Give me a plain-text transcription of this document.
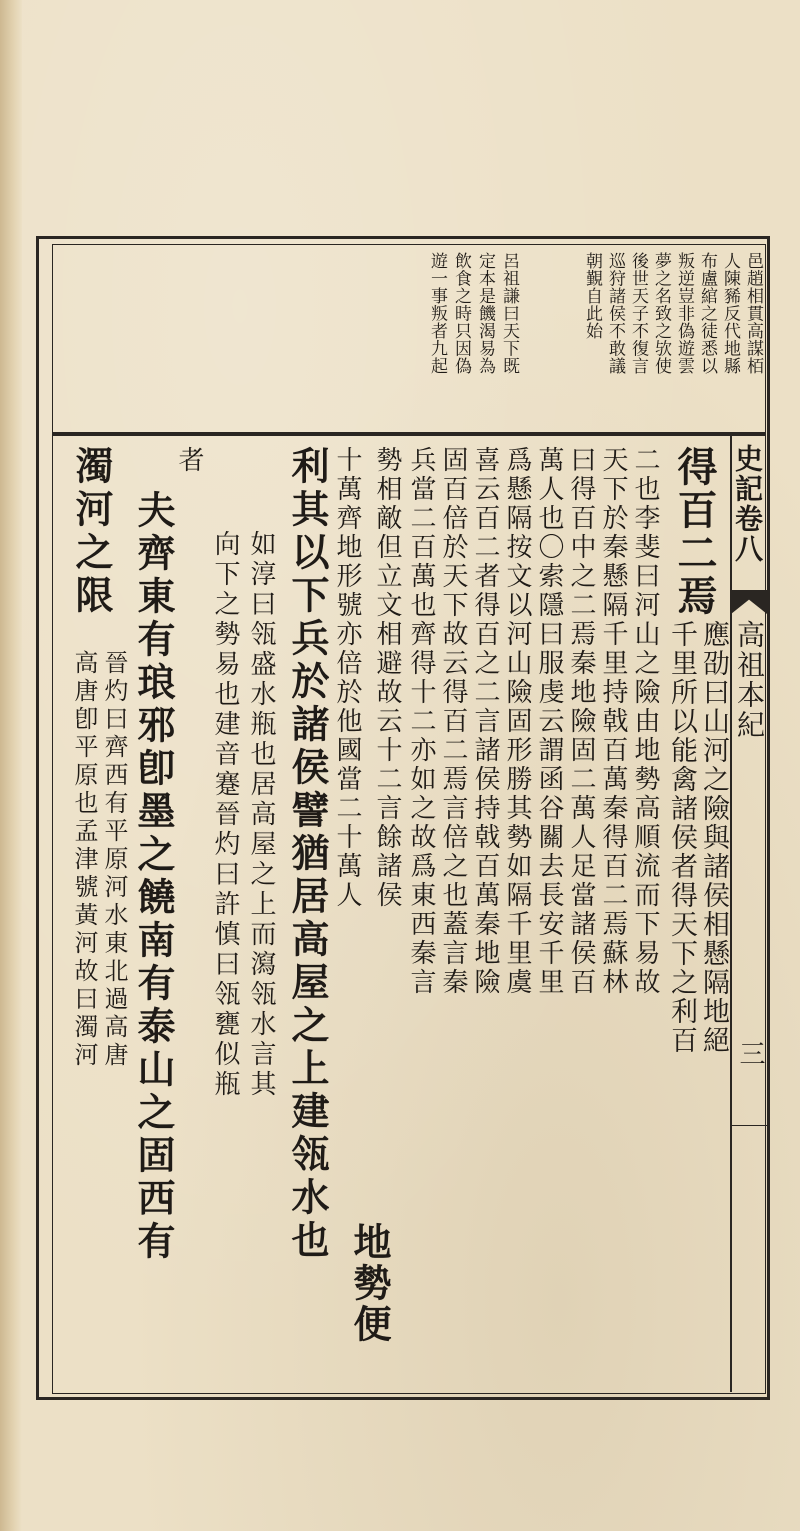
邑趙相貫高謀栢
人陳豨反代地縣
布盧綰之徒悉以
叛逆豈非偽遊雲
夢之名致之欤使
後世天子不復言
巡狩諸侯不敢議
朝覲自此始
呂祖謙曰天下既
定本是饑渴易為
飲食之時只因偽
遊一事叛者九起
史記卷八
高祖本紀
三
得百二焉
應劭曰山河之險與諸侯相懸隔地絕
千里所以能禽諸侯者得天下之利百
二也李斐曰河山之險由地勢高順流而下易故
天下於秦懸隔千里持戟百萬秦得百二焉蘇林
曰得百中之二焉秦地險固二萬人足當諸侯百
萬人也〇索隱曰服虔云謂函谷關去長安千里
爲懸隔按文以河山險固形勝其勢如隔千里虞
喜云百二者得百之二言諸侯持戟百萬秦地險
固百倍於天下故云得百二焉言倍之也蓋言秦
兵當二百萬也齊得十二亦如之故爲東西秦言
勢相敵但立文相避故云十二言餘諸侯
地勢便
十萬齊地形號亦倍於他國當二十萬人
利其以下兵於諸侯譬猶居高屋之上建瓴水也
如淳曰瓴盛水瓶也居高屋之上而瀉瓴水言其
向下之勢易也建音蹇晉灼曰許慎曰瓴甕似瓶
者
夫齊東有琅邪卽墨之饒南有泰山之固西有
濁河之限
晉灼曰齊西有平原河水東北過高唐
高唐卽平原也孟津號黃河故曰濁河
